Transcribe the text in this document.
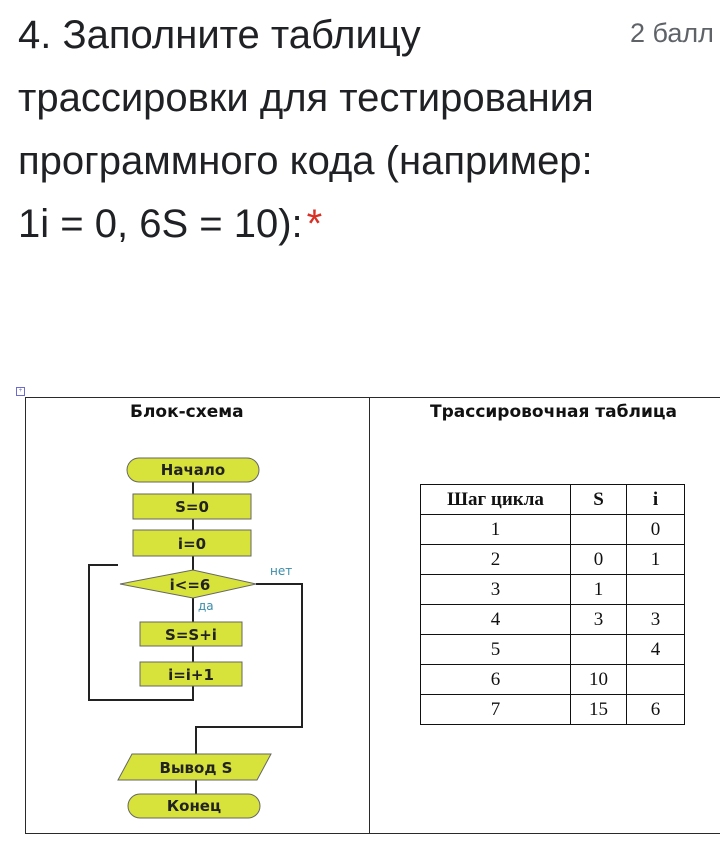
4. Заполните таблицу трассировки для тестирования программного кода (например: 1i = 0, 6S = 10): *
2 балл
+
Блок-схема	Трассировочная таблица
Начало
S=0
i=0
i<=6
нет
да
S=S+i
i=i+1
Вывод S
Конец
Шаг цикла	S	i
1		0
2	0	1
3	1	
4	3	3
5		4
6	10	
7	15	6
